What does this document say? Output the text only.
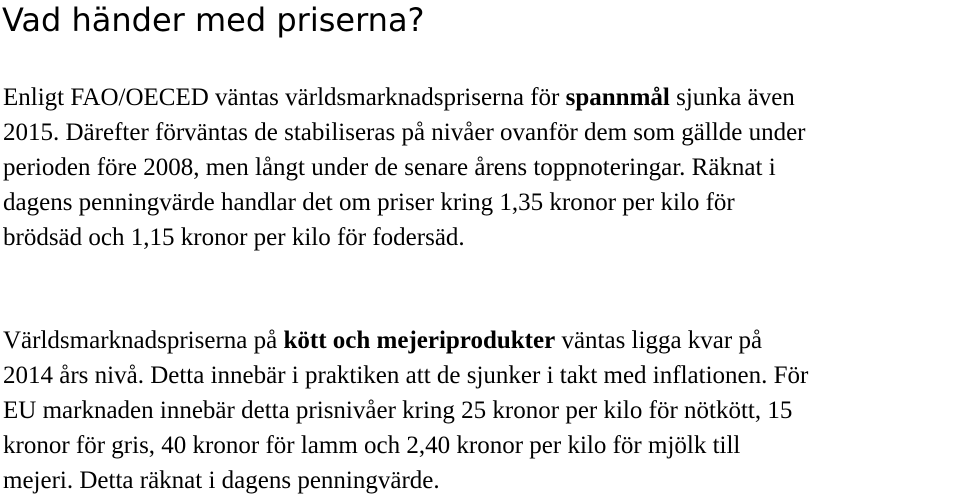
Vad händer med priserna?
Enligt FAO/OECED väntas världsmarknadspriserna för spannmål sjunka även
2015. Därefter förväntas de stabiliseras på nivåer ovanför dem som gällde under
perioden före 2008, men långt under de senare årens toppnoteringar. Räknat i
dagens penningvärde handlar det om priser kring 1,35 kronor per kilo för
brödsäd och 1,15 kronor per kilo för fodersäd.
Världsmarknadspriserna på kött och mejeriprodukter väntas ligga kvar på
2014 års nivå. Detta innebär i praktiken att de sjunker i takt med inflationen. För
EU marknaden innebär detta prisnivåer kring 25 kronor per kilo för nötkött, 15
kronor för gris, 40 kronor för lamm och 2,40 kronor per kilo för mjölk till
mejeri. Detta räknat i dagens penningvärde.
